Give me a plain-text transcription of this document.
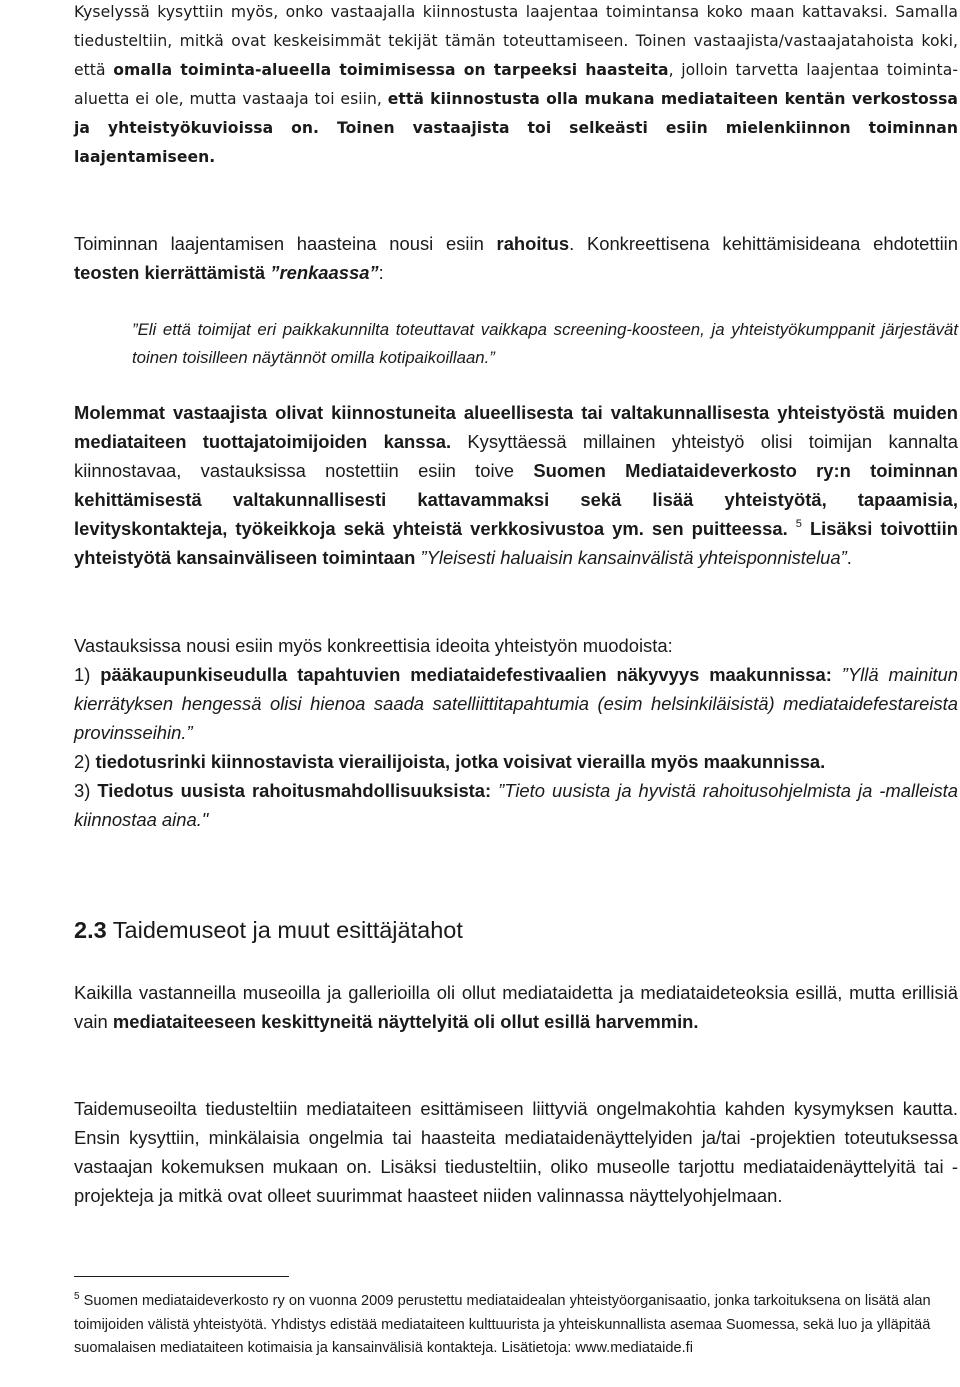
Kyselyssä kysyttiin myös, onko vastaajalla kiinnostusta laajentaa toimintansa koko maan kattavaksi. Samalla tiedusteltiin, mitkä ovat keskeisimmät tekijät tämän toteuttamiseen. Toinen vastaajista/vastaajatahoista koki, että omalla toiminta-alueella toimimisessa on tarpeeksi haasteita, jolloin tarvetta laajentaa toiminta-aluetta ei ole, mutta vastaaja toi esiin, että kiinnostusta olla mukana mediataiteen kentän verkostossa ja yhteistyökuvioissa on. Toinen vastaajista toi selkeästi esiin mielenkiinnon toiminnan laajentamiseen.

Toiminnan laajentamisen haasteina nousi esiin rahoitus. Konkreettisena kehittämisideana ehdotettiin teosten kierrättämistä ”renkaassa”:

”Eli että toimijat eri paikkakunnilta toteuttavat vaikkapa screening-koosteen, ja yhteistyökumppanit järjestävät toinen toisilleen näytännöt omilla kotipaikoillaan.”

Molemmat vastaajista olivat kiinnostuneita alueellisesta tai valtakunnallisesta yhteistyöstä muiden mediataiteen tuottajatoimijoiden kanssa. Kysyttäessä millainen yhteistyö olisi toimijan kannalta kiinnostavaa, vastauksissa nostettiin esiin toive Suomen Mediataideverkosto ry:n toiminnan kehittämisestä valtakunnallisesti kattavammaksi sekä lisää yhteistyötä, tapaamisia, levityskontakteja, työkeikkoja sekä yhteistä verkkosivustoa ym. sen puitteessa. $^5$ Lisäksi toivottiin yhteistyötä kansainväliseen toimintaan ”Yleisesti haluaisin kansainvälistä yhteisponnistelua”.

Vastauksissa nousi esiin myös konkreettisia ideoita yhteistyön muodoista:

1) pääkaupunkiseudulla tapahtuvien mediataidefestivaalien näkyvyys maakunnissa: ”Yllä mainitun kierrätyksen hengessä olisi hienoa saada satelliittitapahtumia (esim helsinkiläisistä) mediataidefestareista provinsseihin.”

2) tiedotusrinki kiinnostavista vierailijoista, jotka voisivat vierailla myös maakunnissa.

3) Tiedotus uusista rahoitusmahdollisuuksista: ”Tieto uusista ja hyvistä rahoitusohjelmista ja -malleista kiinnostaa aina."

2.3 Taidemuseot ja muut esittäjätahot

Kaikilla vastanneilla museoilla ja gallerioilla oli ollut mediataidetta ja mediataideteoksia esillä, mutta erillisiä vain mediataiteeseen keskittyneitä näyttelyitä oli ollut esillä harvemmin.

Taidemuseoilta tiedusteltiin mediataiteen esittämiseen liittyviä ongelmakohtia kahden kysymyksen kautta. Ensin kysyttiin, minkälaisia ongelmia tai haasteita mediataidenäyttelyiden ja/tai -projektien toteutuksessa vastaajan kokemuksen mukaan on. Lisäksi tiedusteltiin, oliko museolle tarjottu mediataidenäyttelyitä tai -projekteja ja mitkä ovat olleet suurimmat haasteet niiden valinnassa näyttelyohjelmaan.

$^5$ Suomen mediataideverkosto ry on vuonna 2009 perustettu mediataidealan yhteistyöorganisaatio, jonka tarkoituksena on lisätä alan toimijoiden välistä yhteistyötä. Yhdistys edistää mediataiteen kulttuurista ja yhteiskunnallista asemaa Suomessa, sekä luo ja ylläpitää suomalaisen mediataiteen kotimaisia ja kansainvälisiä kontakteja. Lisätietoja: www.mediataide.fi
